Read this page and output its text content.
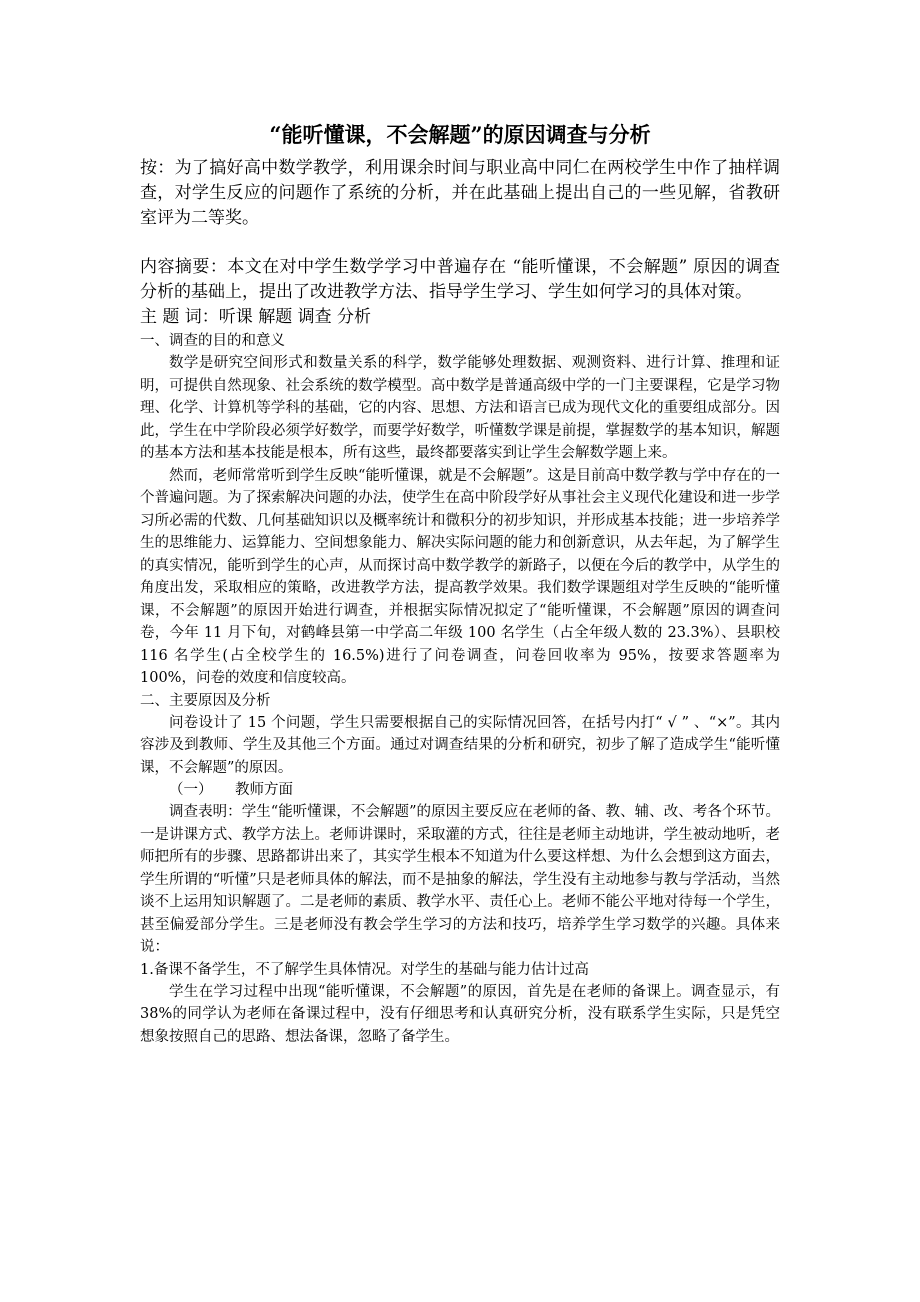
“能听懂课，不会解题”的原因调查与分析

按：为了搞好高中数学教学，利用课余时间与职业高中同仁在两校学生中作了抽样调查，对学生反应的问题作了系统的分析，并在此基础上提出自己的一些见解，省教研室评为二等奖。

内容摘要：本文在对中学生数学学习中普遍存在 “能听懂课，不会解题” 原因的调查分析的基础上，提出了改进教学方法、指导学生学习、学生如何学习的具体对策。

主 题 词：听课 解题 调查 分析

一、调查的目的和意义

数学是研究空间形式和数量关系的科学，数学能够处理数据、观测资料、进行计算、推理和证明，可提供自然现象、社会系统的数学模型。高中数学是普通高级中学的一门主要课程，它是学习物理、化学、计算机等学科的基础，它的内容、思想、方法和语言已成为现代文化的重要组成部分。因此，学生在中学阶段必须学好数学，而要学好数学，听懂数学课是前提，掌握数学的基本知识，解题的基本方法和基本技能是根本，所有这些，最终都要落实到让学生会解数学题上来。

然而，老师常常听到学生反映“能听懂课，就是不会解题”。这是目前高中数学教与学中存在的一个普遍问题。为了探索解决问题的办法，使学生在高中阶段学好从事社会主义现代化建设和进一步学习所必需的代数、几何基础知识以及概率统计和微积分的初步知识，并形成基本技能；进一步培养学生的思维能力、运算能力、空间想象能力、解决实际问题的能力和创新意识，从去年起，为了解学生的真实情况，能听到学生的心声，从而探讨高中数学教学的新路子，以便在今后的教学中，从学生的角度出发，采取相应的策略，改进教学方法，提高教学效果。我们数学课题组对学生反映的“能听懂课，不会解题”的原因开始进行调查，并根据实际情况拟定了“能听懂课，不会解题”原因的调查问卷，今年 11 月下旬，对鹤峰县第一中学高二年级 100 名学生（占全年级人数的 23.3%）、县职校 116 名学生(占全校学生的 16.5%)进行了问卷调查，问卷回收率为 95%，按要求答题率为 100%，问卷的效度和信度较高。

二、主要原因及分析

问卷设计了 15 个问题，学生只需要根据自己的实际情况回答，在括号内打“ √ ” 、“×”。其内容涉及到教师、学生及其他三个方面。通过对调查结果的分析和研究，初步了解了造成学生“能听懂课，不会解题”的原因。

（一） 教师方面

调查表明：学生“能听懂课，不会解题”的原因主要反应在老师的备、教、辅、改、考各个环节。一是讲课方式、教学方法上。老师讲课时，采取灌的方式，往往是老师主动地讲，学生被动地听，老师把所有的步骤、思路都讲出来了，其实学生根本不知道为什么要这样想、为什么会想到这方面去，学生所谓的“听懂”只是老师具体的解法，而不是抽象的解法，学生没有主动地参与教与学活动，当然谈不上运用知识解题了。二是老师的素质、教学水平、责任心上。老师不能公平地对待每一个学生，甚至偏爱部分学生。三是老师没有教会学生学习的方法和技巧，培养学生学习数学的兴趣。具体来说：

1.备课不备学生，不了解学生具体情况。对学生的基础与能力估计过高

学生在学习过程中出现“能听懂课，不会解题”的原因，首先是在老师的备课上。调查显示，有 38%的同学认为老师在备课过程中，没有仔细思考和认真研究分析，没有联系学生实际，只是凭空想象按照自己的思路、想法备课，忽略了备学生。
